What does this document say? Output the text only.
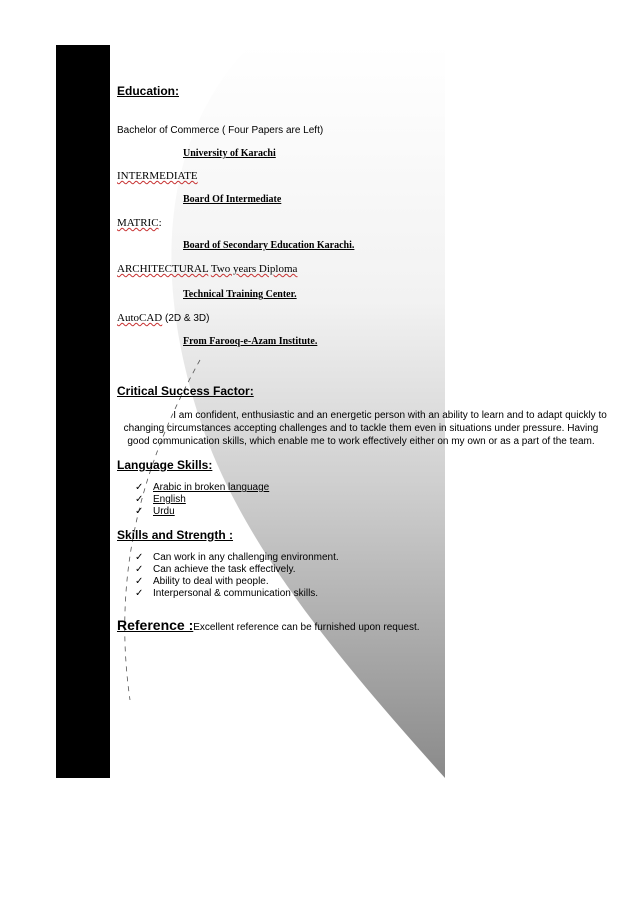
Education:
Bachelor of Commerce ( Four Papers are Left)
University of Karachi
INTERMEDIATE
Board Of Intermediate
MATRIC:
Board of Secondary Education Karachi.
ARCHITECTURAL Two years Diploma
Technical Training Center.
AutoCAD (2D & 3D)
From Farooq-e-Azam Institute.
Critical Success Factor:
I am confident, enthusiastic and an energetic person with an ability to learn and to adapt quickly to changing circumstances accepting challenges and to tackle them even in situations under pressure. Having good communication skills, which enable me to work effectively either on my own or as a part of the team.
Language Skills:
✓ Arabic in broken language
✓ English
✓ Urdu
Skills and Strength :
✓ Can work in any challenging environment.
✓ Can achieve the task effectively.
✓ Ability to deal with people.
✓ Interpersonal & communication skills.
Reference :Excellent reference can be furnished upon request.
